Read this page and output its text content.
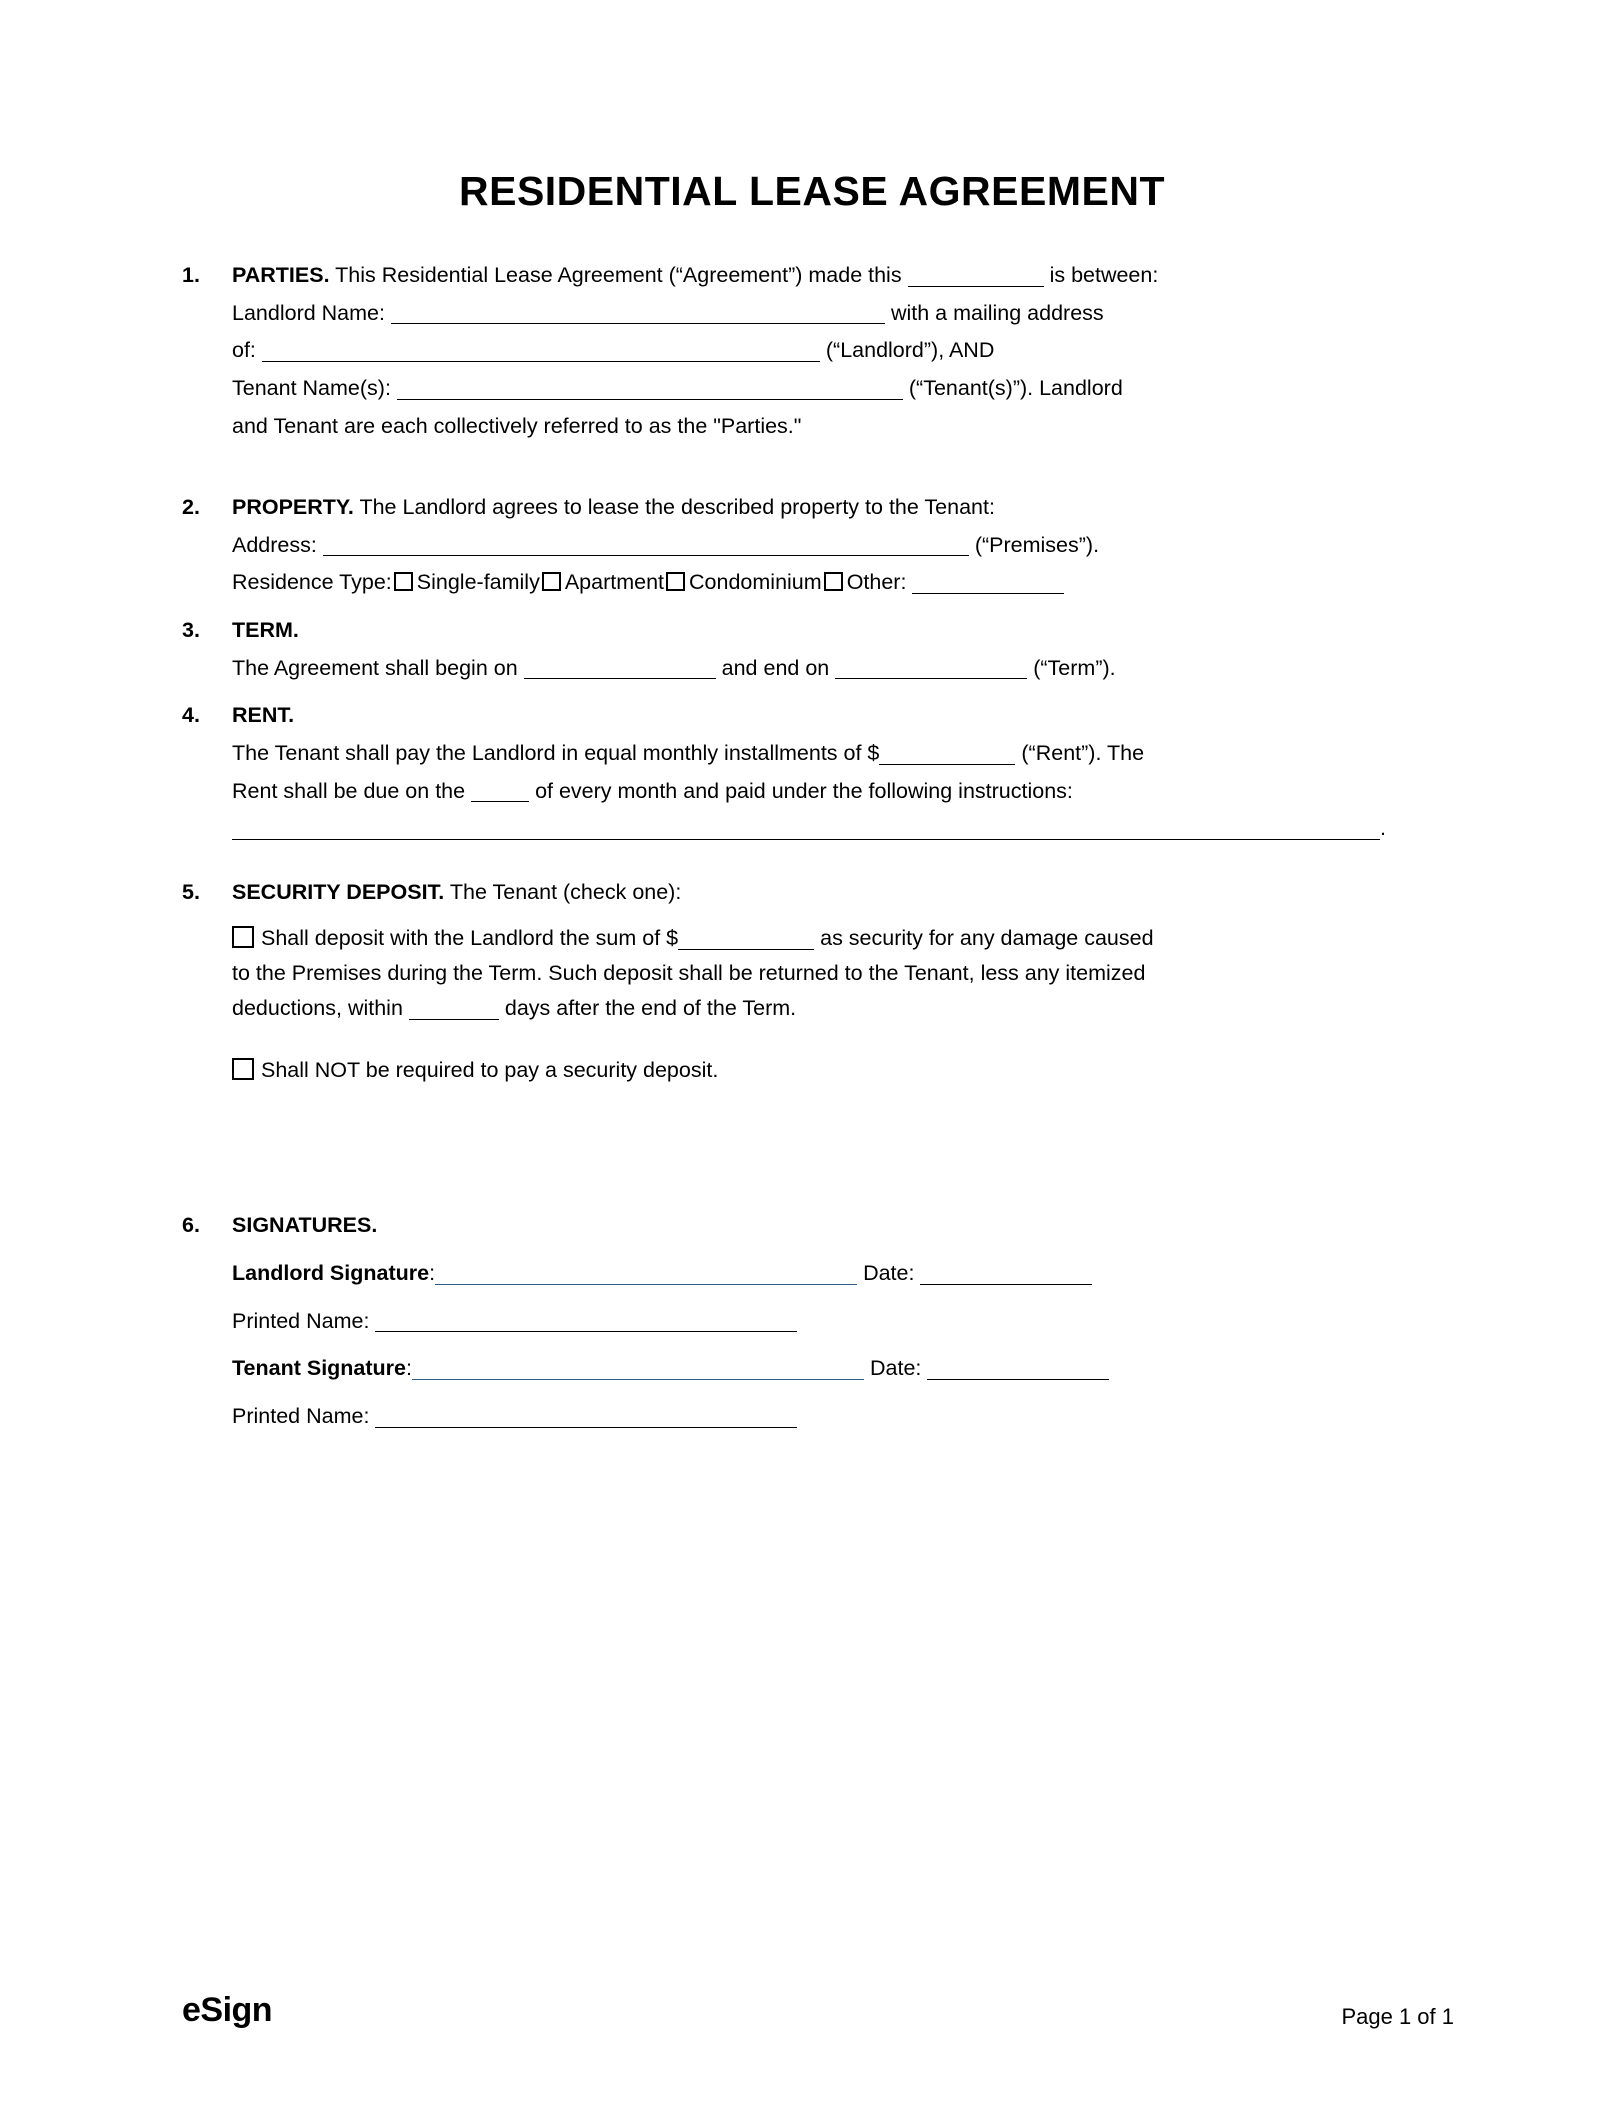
RESIDENTIAL LEASE AGREEMENT
1.	PARTIES. This Residential Lease Agreement (“Agreement”) made this	is between:
Landlord Name:	with a mailing address
of:	(“Landlord”), AND
Tenant Name(s):	(“Tenant(s)”). Landlord
and Tenant are each collectively referred to as the "Parties."
2.	PROPERTY. The Landlord agrees to lease the described property to the Tenant:
Address:	(“Premises”).
Residence Type: Single-family Apartment Condominium Other:
3.	TERM.
The Agreement shall begin on	and end on	(“Term”).
4.	RENT.
The Tenant shall pay the Landlord in equal monthly installments of $	(“Rent”). The
Rent shall be due on the	of every month and paid under the following instructions:
.
5.	SECURITY DEPOSIT. The Tenant (check one):
Shall deposit with the Landlord the sum of $	as security for any damage caused
to the Premises during the Term. Such deposit shall be returned to the Tenant, less any itemized
deductions, within	days after the end of the Term.
Shall NOT be required to pay a security deposit.
6.	SIGNATURES.
Landlord Signature:	Date:
Printed Name:
Tenant Signature:	Date:
Printed Name:
eSign	Page 1 of 1
